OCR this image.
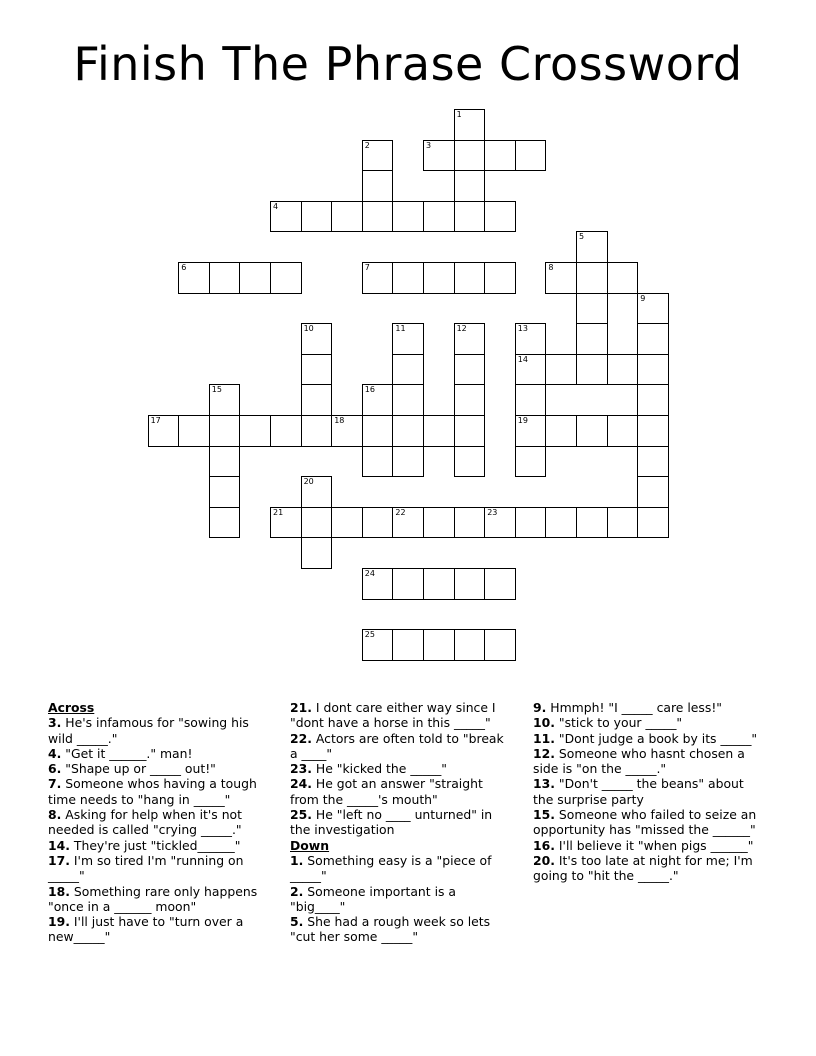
Finish The Phrase Crossword
1
2	3
4
5
6	7	8
9
10	11	12	13
14
15	16
17	18	19
20
21	22	23
24
25
Across
3. He's infamous for "sowing his wild _____."
4. "Get it ______." man!
6. "Shape up or _____ out!"
7. Someone whos having a tough time needs to "hang in _____"
8. Asking for help when it's not needed is called "crying _____."
14. They're just "tickled______"
17. I'm so tired I'm "running on _____"
18. Something rare only happens "once in a ______ moon"
19. I'll just have to "turn over a new_____"
21. I dont care either way since I "dont have a horse in this _____"
22. Actors are often told to "break a ____"
23. He "kicked the _____"
24. He got an answer "straight from the _____'s mouth"
25. He "left no ____ unturned" in the investigation
Down
1. Something easy is a "piece of _____"
2. Someone important is a "big____"
5. She had a rough week so lets "cut her some _____"
9. Hmmph! "I _____ care less!"
10. "stick to your _____"
11. "Dont judge a book by its _____"
12. Someone who hasnt chosen a side is "on the _____."
13. "Don't _____ the beans" about the surprise party
15. Someone who failed to seize an opportunity has "missed the ______"
16. I'll believe it "when pigs ______"
20. It's too late at night for me; I'm going to "hit the _____."
